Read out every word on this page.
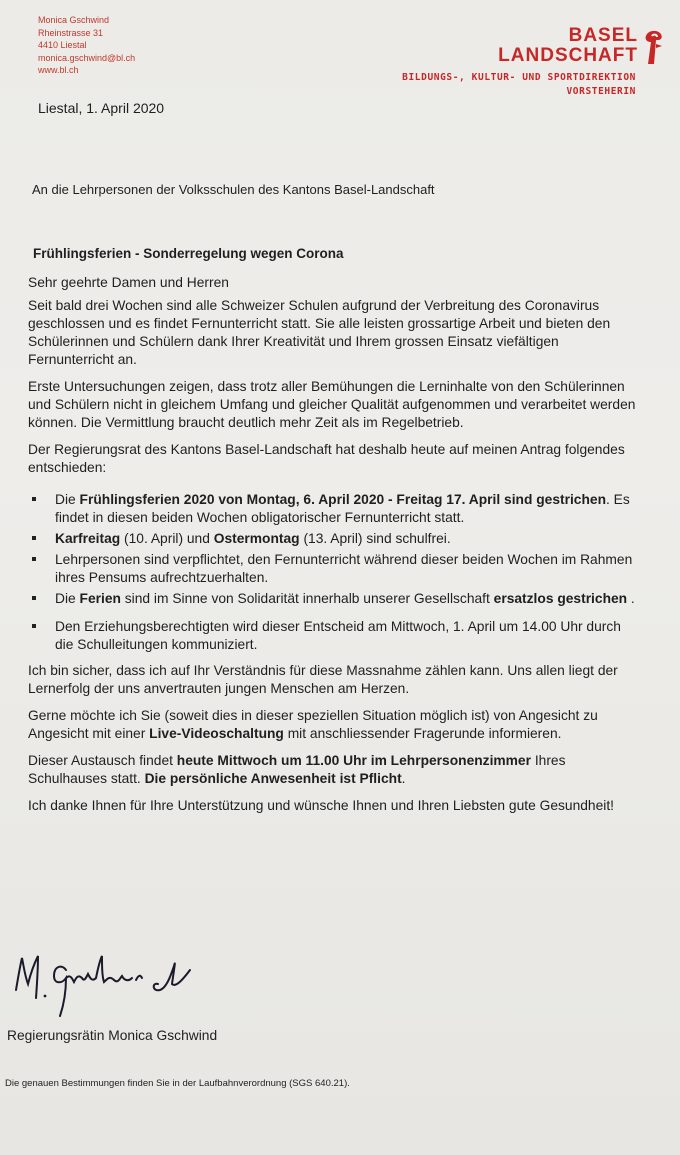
Monica Gschwind
Rheinstrasse 31
4410 Liestal
monica.gschwind@bl.ch
www.bl.ch
BASEL
LANDSCHAFT
BILDUNGS-, KULTUR- UND SPORTDIREKTION
VORSTEHERIN
Liestal, 1. April 2020
An die Lehrpersonen der Volksschulen des Kantons Basel-Landschaft
Frühlingsferien - Sonderregelung wegen Corona

Sehr geehrte Damen und Herren

Seit bald drei Wochen sind alle Schweizer Schulen aufgrund der Verbreitung des Coronavirus geschlossen und es findet Fernunterricht statt. Sie alle leisten grossartige Arbeit und bieten den Schülerinnen und Schülern dank Ihrer Kreativität und Ihrem grossen Einsatz viefältigen Fernunterricht an.

Erste Untersuchungen zeigen, dass trotz aller Bemühungen die Lerninhalte von den Schülerinnen und Schülern nicht in gleichem Umfang und gleicher Qualität aufgenommen und verarbeitet werden können. Die Vermittlung braucht deutlich mehr Zeit als im Regelbetrieb.

Der Regierungsrat des Kantons Basel-Landschaft hat deshalb heute auf meinen Antrag folgendes entschieden:

Die Frühlingsferien 2020 von Montag, 6. April 2020 - Freitag 17. April sind gestrichen. Es findet in diesen beiden Wochen obligatorischer Fernunterricht statt.
Karfreitag (10. April) und Ostermontag (13. April) sind schulfrei.
Lehrpersonen sind verpflichtet, den Fernunterricht während dieser beiden Wochen im Rahmen ihres Pensums aufrechtzuerhalten.
Die Ferien sind im Sinne von Solidarität innerhalb unserer Gesellschaft ersatzlos gestrichen .
Den Erziehungsberechtigten wird dieser Entscheid am Mittwoch, 1. April um 14.00 Uhr durch die Schulleitungen kommuniziert.

Ich bin sicher, dass ich auf Ihr Verständnis für diese Massnahme zählen kann. Uns allen liegt der Lernerfolg der uns anvertrauten jungen Menschen am Herzen.

Gerne möchte ich Sie (soweit dies in dieser speziellen Situation möglich ist) von Angesicht zu Angesicht mit einer Live-Videoschaltung mit anschliessender Fragerunde informieren.

Dieser Austausch findet heute Mittwoch um 11.00 Uhr im Lehrpersonenzimmer Ihres Schulhauses statt. Die persönliche Anwesenheit ist Pflicht.

Ich danke Ihnen für Ihre Unterstützung und wünsche Ihnen und Ihren Liebsten gute Gesundheit!

Regierungsrätin Monica Gschwind
Die genauen Bestimmungen finden Sie in der Laufbahnverordnung (SGS 640.21).
